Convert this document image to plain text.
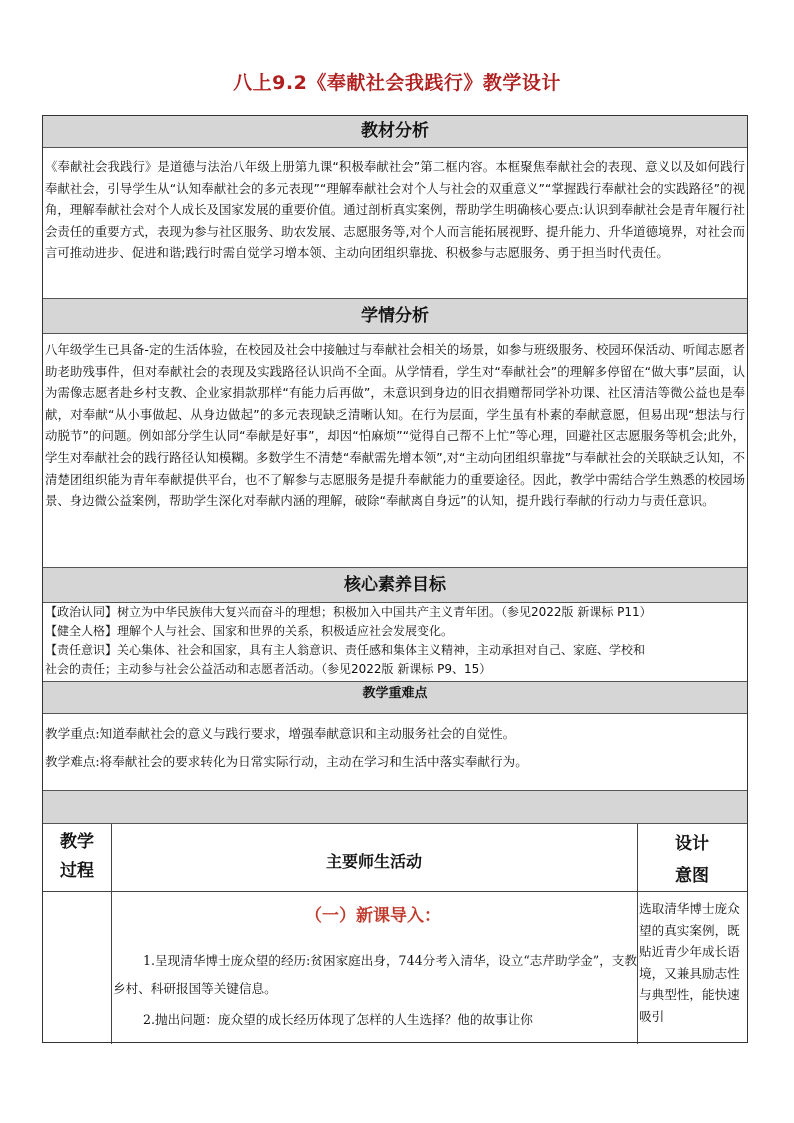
八上9.2《奉献社会我践行》教学设计
教材分析
《奉献社会我践行》是道德与法治八年级上册第九课“积极奉献社会”第二框内容。本框聚焦奉献社会的表现、意义以及如何践行奉献社会，引导学生从“认知奉献社会的多元表现”“理解奉献社会对个人与社会的双重意义”“掌握践行奉献社会的实践路径”的视角，理解奉献社会对个人成长及国家发展的重要价值。通过剖析真实案例，帮助学生明确核心要点:认识到奉献社会是青年履行社会责任的重要方式，表现为参与社区服务、助农发展、志愿服务等,对个人而言能拓展视野、提升能力、升华道德境界，对社会而言可推动进步、促进和谐;践行时需自觉学习增本领、主动向团组织靠拢、积极参与志愿服务、勇于担当时代责任。
学情分析
八年级学生已具备-定的生活体验，在校园及社会中接触过与奉献社会相关的场景，如参与班级服务、校园环保活动、听闻志愿者助老助残事件，但对奉献社会的表现及实践路径认识尚不全面。从学情看，学生对“奉献社会”的理解多停留在“做大事”层面，认为需像志愿者赴乡村支教、企业家捐款那样“有能力后再做”，未意识到身边的旧衣捐赠帮同学补功课、社区清洁等微公益也是奉献，对奉献“从小事做起、从身边做起”的多元表现缺乏清晰认知。在行为层面，学生虽有朴素的奉献意愿，但易出现“想法与行动脱节”的问题。例如部分学生认同“奉献是好事”，却因“怕麻烦”“觉得自己帮不上忙”等心理，回避社区志愿服务等机会;此外，学生对奉献社会的践行路径认知模糊。多数学生不清楚“奉献需先增本领”,对“主动向团组织靠拢”与奉献社会的关联缺乏认知，不清楚团组织能为青年奉献提供平台，也不了解参与志愿服务是提升奉献能力的重要途径。因此，教学中需结合学生熟悉的校园场景、身边微公益案例，帮助学生深化对奉献内涵的理解，破除“奉献离自身远”的认知，提升践行奉献的行动力与责任意识。
核心素养目标
【政治认同】树立为中华民族伟大复兴而奋斗的理想；积极加入中国共产主义青年团。（参见2022版 新课标 P11）
【健全人格】理解个人与社会、国家和世界的关系，积极适应社会发展变化。
【责任意识】关心集体、社会和国家，具有主人翁意识、责任感和集体主义精神，主动承担对自己、家庭、学校和
社会的责任；主动参与社会公益活动和志愿者活动。（参见2022版 新课标 P9、15）
教学重难点
教学重点:知道奉献社会的意义与践行要求，增强奉献意识和主动服务社会的自觉性。
教学难点:将奉献社会的要求转化为日常实际行动，主动在学习和生活中落实奉献行为。
教学
过程	主要师生活动
设计
意图
（一）新课导入：
1.呈现清华博士庞众望的经历:贫困家庭出身，744分考入清华，设立“志芹助学金”，支教乡村、科研报国等关键信息。
2.抛出问题：庞众望的成长经历体现了怎样的人生选择？他的故事让你
选取清华博士庞众望的真实案例，既贴近青少年成长语境，又兼具励志性与典型性，能快速吸引
